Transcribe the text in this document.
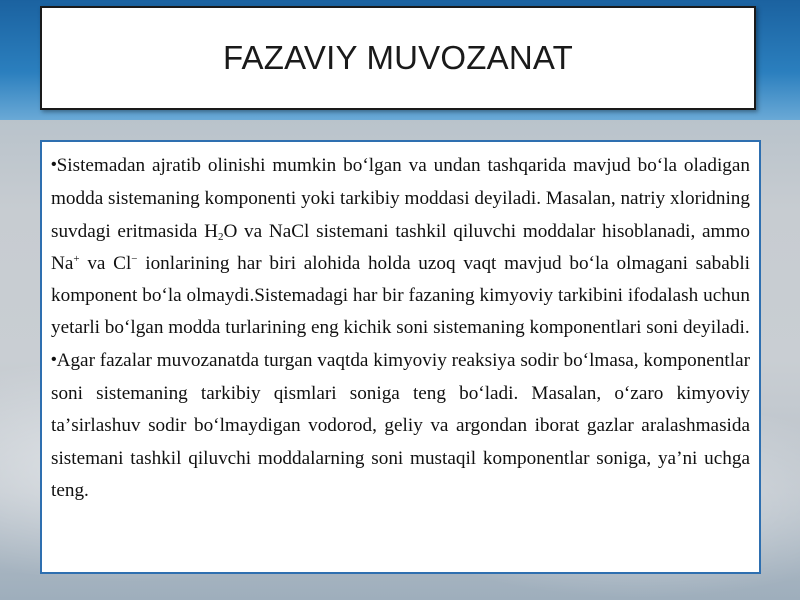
FAZAVIY MUVOZANAT

•Sistemadan ajratib olinishi mumkin boʻlgan va undan tashqarida mavjud boʻla oladigan modda sistemaning komponenti yoki tarkibiy moddasi deyiladi. Masalan, natriy xloridning suvdagi eritmasida $H_2O$ va NaCl sistemani tashkil qiluvchi moddalar hisoblanadi, ammo Na+ va Cl− ionlarining har biri alohida holda uzoq vaqt mavjud boʻla olmagani sababli komponent boʻla olmaydi.Sistemadagi har bir fazaning kimyoviy tarkibini ifodalash uchun yetarli boʻlgan modda turlarining eng kichik soni sistemaning komponentlari soni deyiladi.

•Agar fazalar muvozanatda turgan vaqtda kimyoviy reaksiya sodir boʻlmasa, komponentlar soni sistemaning tarkibiy qismlari soniga teng boʻladi. Masalan, oʻzaro kimyoviy taʼsirlashuv sodir boʻlmaydigan vodorod, geliy va argondan iborat gazlar aralashmasida sistemani tashkil qiluvchi moddalarning soni mustaqil komponentlar soniga, yaʼni uchga teng.
